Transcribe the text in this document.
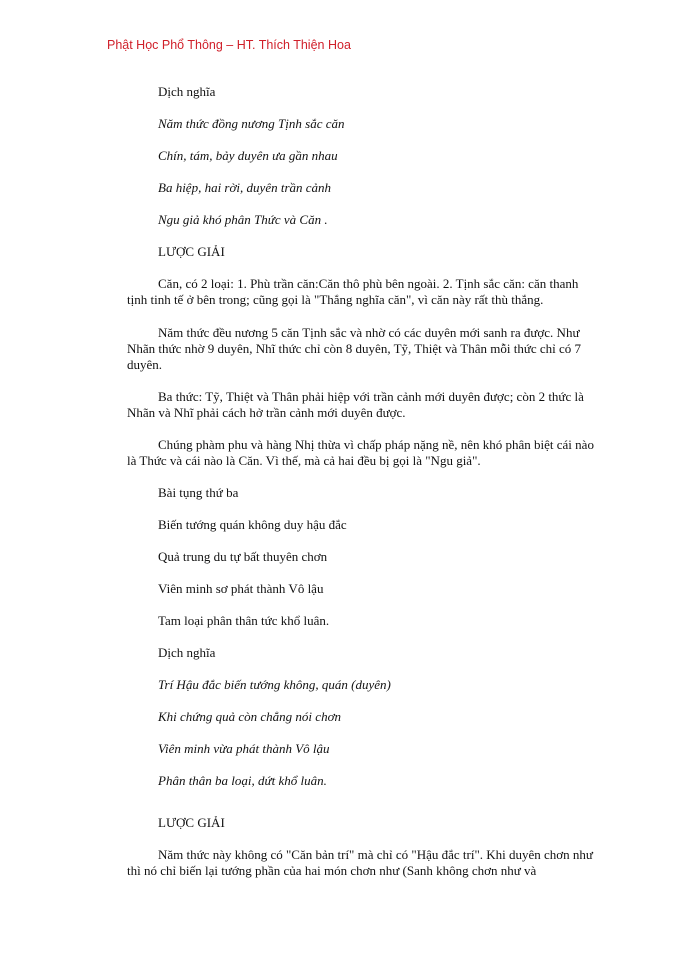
Phật Học Phổ Thông – HT. Thích Thiện Hoa
Dịch nghĩa
Năm thức đồng nương Tịnh sắc căn
Chín, tám, bảy duyên ưa gần nhau
Ba hiệp, hai rời, duyên trần cảnh
Ngu giả khó phân Thức và Căn .
LƯỢC GIẢI
Căn, có 2 loại: 1. Phù trần căn:Căn thô phù bên ngoài. 2. Tịnh sắc căn: căn thanh tịnh tinh tế ở bên trong; cũng gọi là "Thắng nghĩa căn", vì căn này rất thù thắng.
Năm thức đều nương 5 căn Tịnh sắc và nhờ có các duyên mới sanh ra được. Như Nhãn thức nhờ 9 duyên, Nhĩ thức chỉ còn 8 duyên, Tỹ, Thiệt và Thân mỗi thức chỉ có 7 duyên.
Ba thức: Tỹ, Thiệt và Thân phải hiệp với trần cảnh mới duyên được; còn 2 thức là Nhãn và Nhĩ phải cách hở trần cảnh mới duyên được.
Chúng phàm phu và hàng Nhị thừa vì chấp pháp nặng nề, nên khó phân biệt cái nào là Thức và cái nào là Căn. Vì thế, mà cả hai đều bị gọi là "Ngu giả".
Bài tụng thứ ba
Biến tướng quán không duy hậu đắc
Quả trung du tự bất thuyên chơn
Viên minh sơ phát thành Vô lậu
Tam loại phân thân tức khổ luân.
Dịch nghĩa
Trí Hậu đắc biến tướng không, quán (duyên)
Khi chứng quả còn chẳng nói chơn
Viên minh vừa phát thành Vô lậu
Phân thân ba loại, dứt khổ luân.
LƯỢC GIẢI
Năm thức này không có "Căn bản trí" mà chỉ có "Hậu đắc trí". Khi duyên chơn như thì nó chỉ biến lại tướng phần của hai món chơn như (Sanh không chơn như và
